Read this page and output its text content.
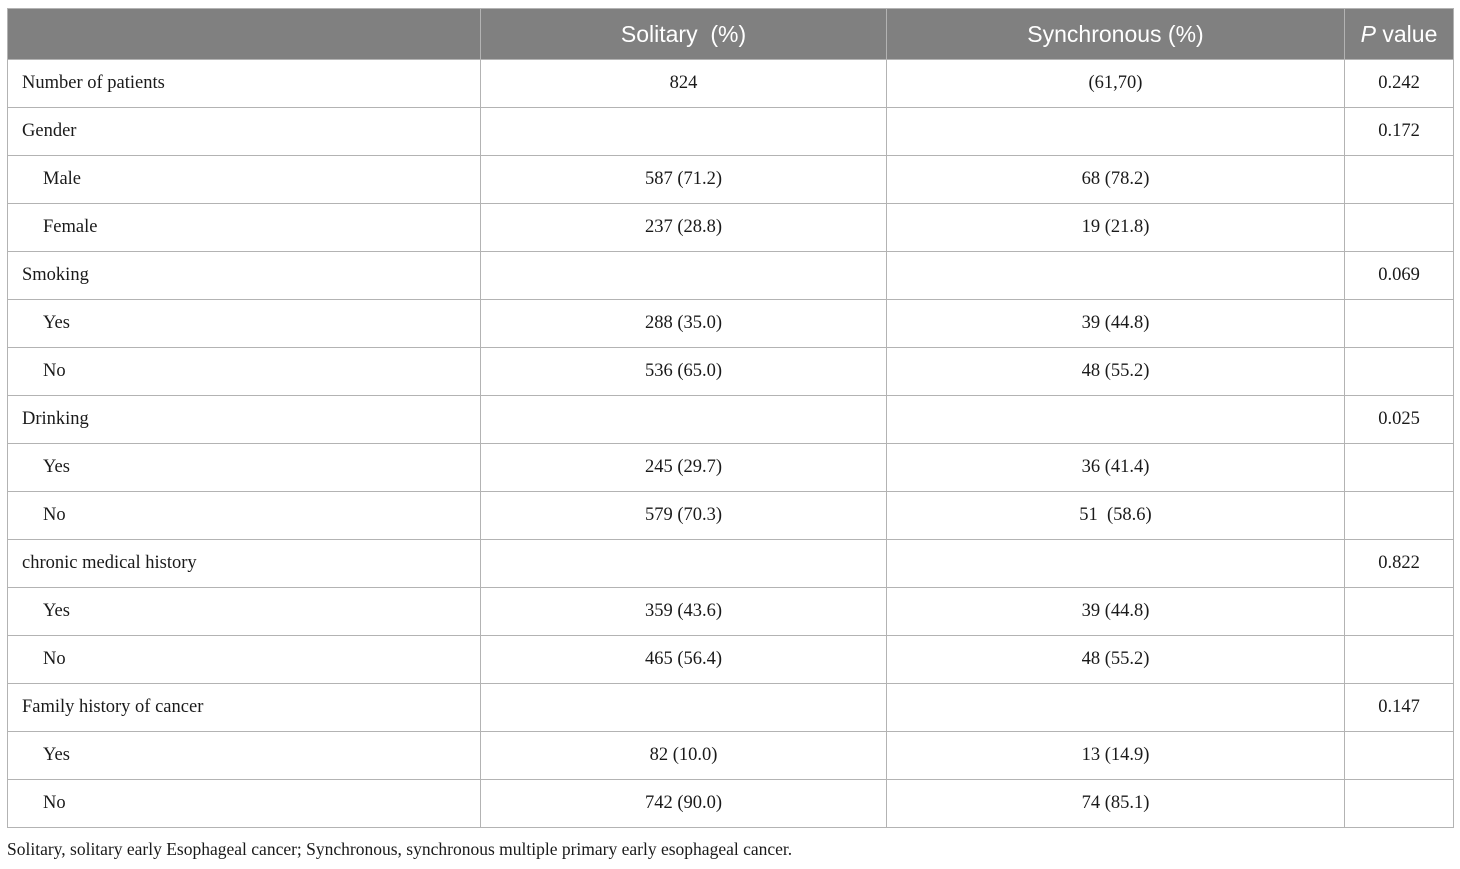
	Solitary  (%)	Synchronous (%)	P value
Number of patients	824	(61,70)	0.242
Gender			0.172
Male	587 (71.2)	68 (78.2)	
Female	237 (28.8)	19 (21.8)	
Smoking			0.069
Yes	288 (35.0)	39 (44.8)	
No	536 (65.0)	48 (55.2)	
Drinking			0.025
Yes	245 (29.7)	36 (41.4)	
No	579 (70.3)	51  (58.6)	
chronic medical history			0.822
Yes	359 (43.6)	39 (44.8)	
No	465 (56.4)	48 (55.2)	
Family history of cancer			0.147
Yes	82 (10.0)	13 (14.9)	
No	742 (90.0)	74 (85.1)	
Solitary, solitary early Esophageal cancer; Synchronous, synchronous multiple primary early esophageal cancer.
